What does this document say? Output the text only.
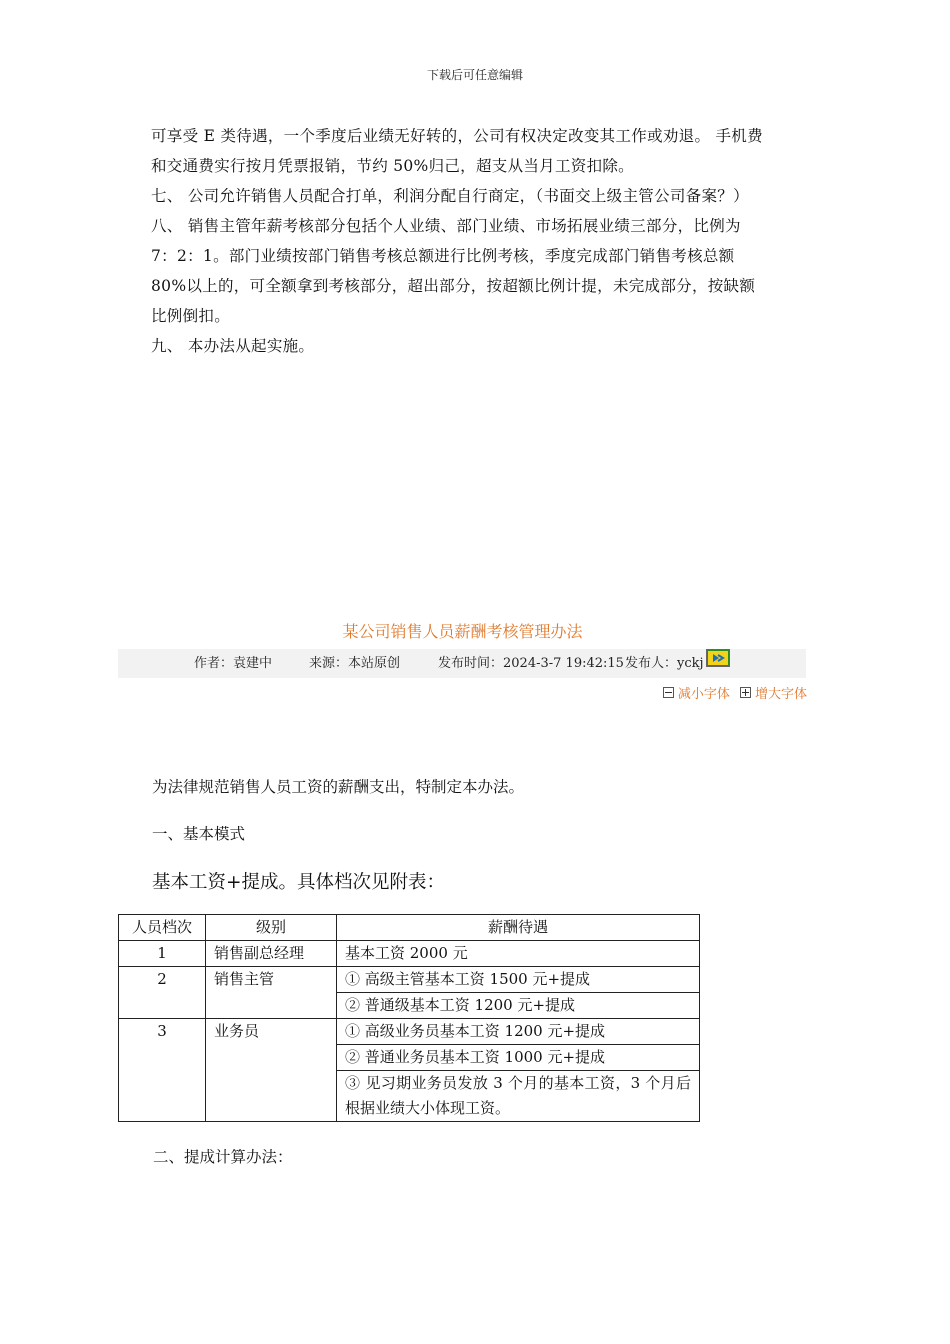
下载后可任意编辑

可享受 E 类待遇，一个季度后业绩无好转的，公司有权决定改变其工作或劝退。 手机费

和交通费实行按月凭票报销，节约 50%归己，超支从当月工资扣除。

七、 公司允许销售人员配合打单，利润分配自行商定，（书面交上级主管公司备案？）

八、 销售主管年薪考核部分包括个人业绩、部门业绩、市场拓展业绩三部分，比例为

7：2：1。部门业绩按部门销售考核总额进行比例考核，季度完成部门销售考核总额

80%以上的，可全额拿到考核部分，超出部分，按超额比例计提，未完成部分，按缺额

比例倒扣。

九、 本办法从起实施。

某公司销售人员薪酬考核管理办法
作者：袁建中	来源：本站原创	发布时间：2024-3-7 19:42:15 发布人：yckj
减小字体 增大字体
为法律规范销售人员工资的薪酬支出，特制定本办法。
一、基本模式
基本工资+提成。具体档次见附表：
人员档次	级别	薪酬待遇
1	销售副总经理	基本工资 2000 元
2	销售主管	① 高级主管基本工资 1500 元+提成
		② 普通级基本工资 1200 元+提成
3	业务员	① 高级业务员基本工资 1200 元+提成
		② 普通业务员基本工资 1000 元+提成
		③ 见习期业务员发放 3 个月的基本工资，3 个月后根据业绩大小体现工资。
二、提成计算办法：
